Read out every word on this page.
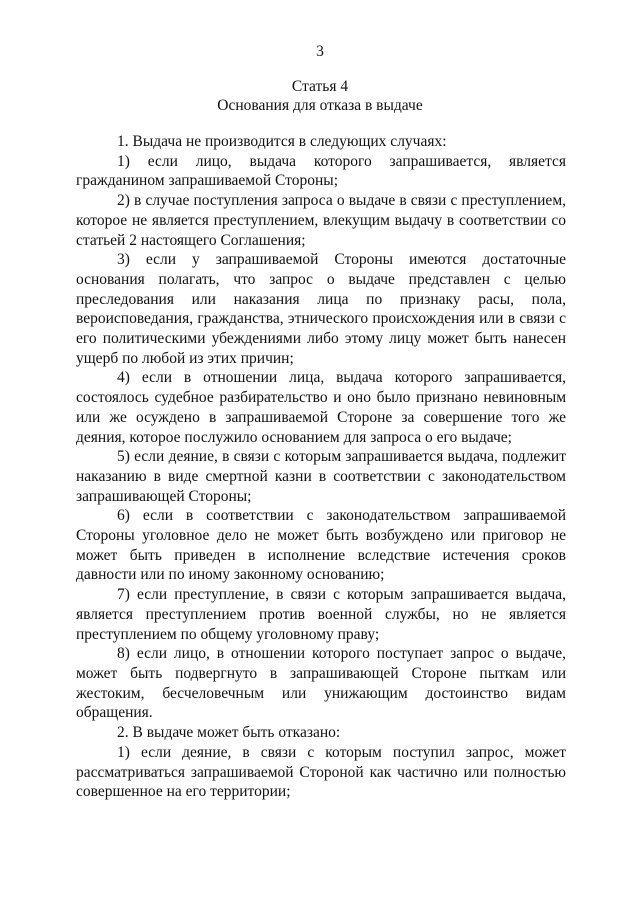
3
Статья 4
Основания для отказа в выдаче

1. Выдача не производится в следующих случаях:

1) если лицо, выдача которого запрашивается, является гражданином запрашиваемой Стороны;

2) в случае поступления запроса о выдаче в связи с преступлением, которое не является преступлением, влекущим выдачу в соответствии со статьей 2 настоящего Соглашения;

3) если у запрашиваемой Стороны имеются достаточные основания полагать, что запрос о выдаче представлен с целью преследования или наказания лица по признаку расы, пола, вероисповедания, гражданства, этнического происхождения или в связи с его политическими убеждениями либо этому лицу может быть нанесен ущерб по любой из этих причин;

4) если в отношении лица, выдача которого запрашивается, состоялось судебное разбирательство и оно было признано невиновным или же осуждено в запрашиваемой Стороне за совершение того же деяния, которое послужило основанием для запроса о его выдаче;

5) если деяние, в связи с которым запрашивается выдача, подлежит наказанию в виде смертной казни в соответствии с законодательством запрашивающей Стороны;

6) если в соответствии с законодательством запрашиваемой Стороны уголовное дело не может быть возбуждено или приговор не может быть приведен в исполнение вследствие истечения сроков давности или по иному законному основанию;

7) если преступление, в связи с которым запрашивается выдача, является преступлением против военной службы, но не является преступлением по общему уголовному праву;

8) если лицо, в отношении которого поступает запрос о выдаче, может быть подвергнуто в запрашивающей Стороне пыткам или жестоким, бесчеловечным или унижающим достоинство видам обращения.

2. В выдаче может быть отказано:

1) если деяние, в связи с которым поступил запрос, может рассматриваться запрашиваемой Стороной как частично или полностью совершенное на его территории;
